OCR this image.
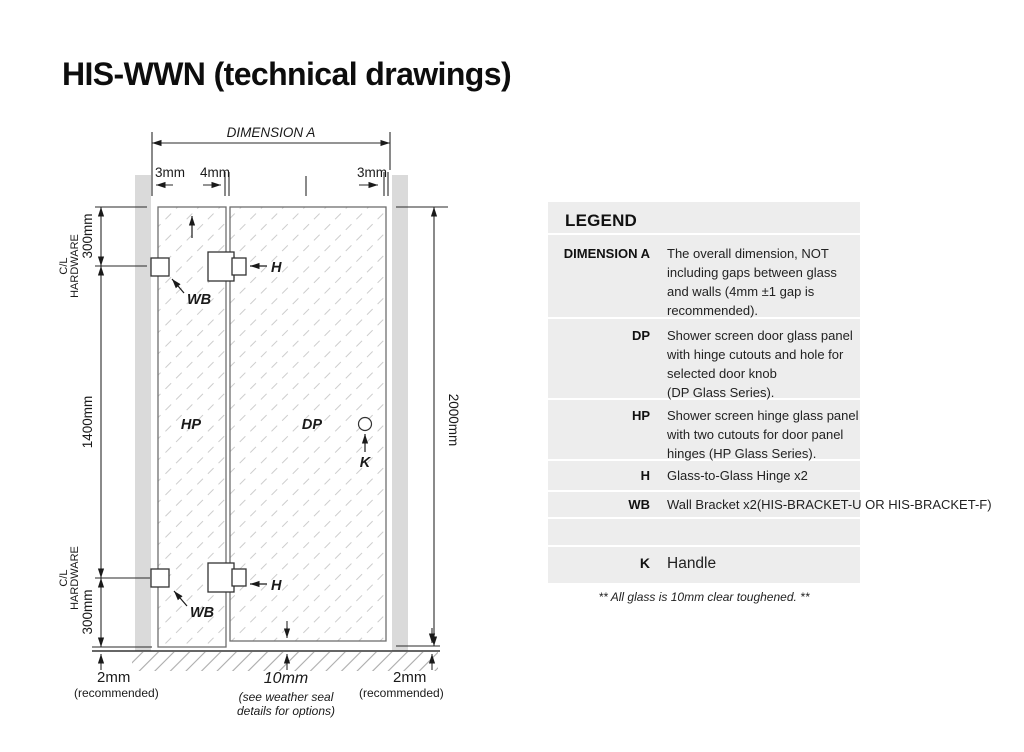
HIS-WWN (technical drawings)
DIMENSION A
3mm 4mm	3mm
300mm
1400mm
300mm
C/L HARDWARE
C/L HARDWARE
2000mm
H
WB
H
WB
HP	DP
K
2mm
(recommended)
10mm
(see weather seal
details for options)
2mm
(recommended)
LEGEND
DIMENSION A The overall dimension, NOT
including gaps between glass
and walls (4mm ±1 gap is
recommended).
DP Shower screen door glass panel
with hinge cutouts and hole for
selected door knob
(DP Glass Series).
HP Shower screen hinge glass panel
with two cutouts for door panel
hinges (HP Glass Series).
H Glass-to-Glass Hinge x2
WB Wall Bracket x2(HIS-BRACKET-U OR HIS-BRACKET-F)
K Handle
** All glass is 10mm clear toughened. **
